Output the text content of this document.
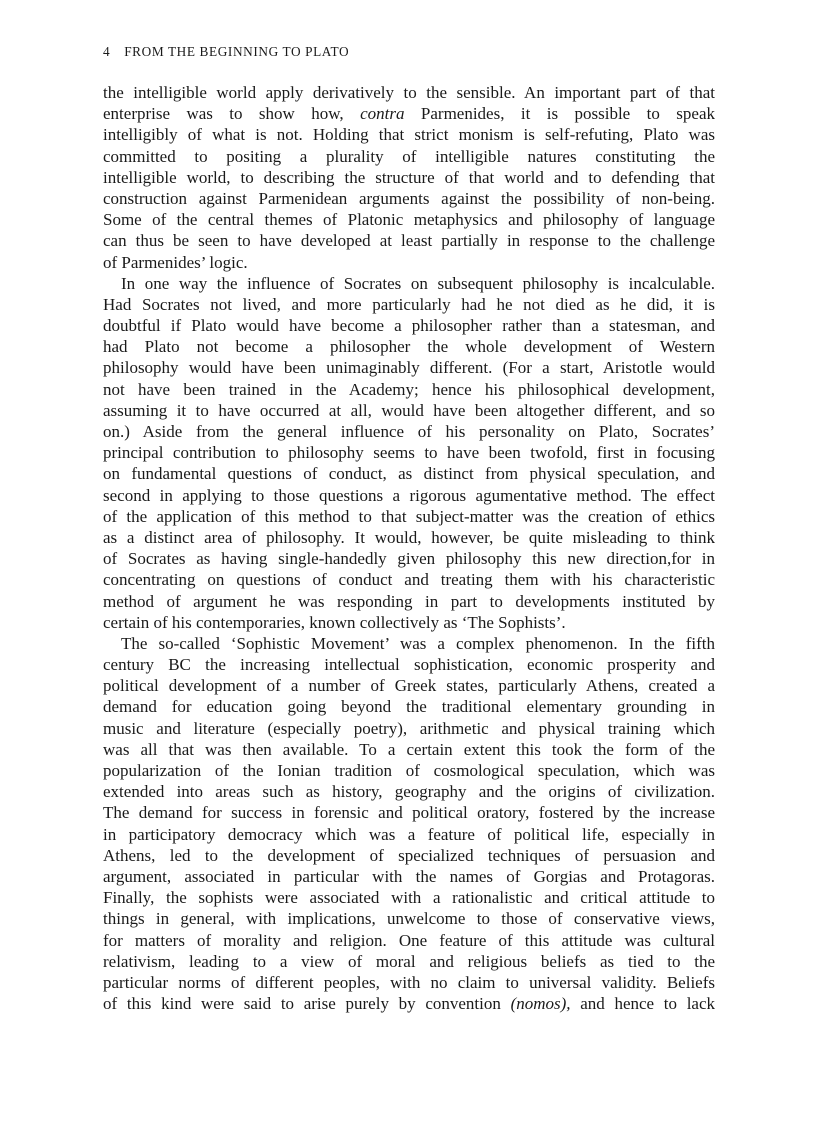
4 FROM THE BEGINNING TO PLATO
the intelligible world apply derivatively to the sensible. An important part of that
enterprise was to show how, contra Parmenides, it is possible to speak
intelligibly of what is not. Holding that strict monism is self-refuting, Plato was
committed to positing a plurality of intelligible natures constituting the
intelligible world, to describing the structure of that world and to defending that
construction against Parmenidean arguments against the possibility of non-being.
Some of the central themes of Platonic metaphysics and philosophy of language
can thus be seen to have developed at least partially in response to the challenge
of Parmenides’ logic.
In one way the influence of Socrates on subsequent philosophy is incalculable.
Had Socrates not lived, and more particularly had he not died as he did, it is
doubtful if Plato would have become a philosopher rather than a statesman, and
had Plato not become a philosopher the whole development of Western
philosophy would have been unimaginably different. (For a start, Aristotle would
not have been trained in the Academy; hence his philosophical development,
assuming it to have occurred at all, would have been altogether different, and so
on.) Aside from the general influence of his personality on Plato, Socrates’
principal contribution to philosophy seems to have been twofold, first in focusing
on fundamental questions of conduct, as distinct from physical speculation, and
second in applying to those questions a rigorous agumentative method. The effect
of the application of this method to that subject-matter was the creation of ethics
as a distinct area of philosophy. It would, however, be quite misleading to think
of Socrates as having single-handedly given philosophy this new direction,for in
concentrating on questions of conduct and treating them with his characteristic
method of argument he was responding in part to developments instituted by
certain of his contemporaries, known collectively as ‘The Sophists’.
The so-called ‘Sophistic Movement’ was a complex phenomenon. In the fifth
century BC the increasing intellectual sophistication, economic prosperity and
political development of a number of Greek states, particularly Athens, created a
demand for education going beyond the traditional elementary grounding in
music and literature (especially poetry), arithmetic and physical training which
was all that was then available. To a certain extent this took the form of the
popularization of the Ionian tradition of cosmological speculation, which was
extended into areas such as history, geography and the origins of civilization.
The demand for success in forensic and political oratory, fostered by the increase
in participatory democracy which was a feature of political life, especially in
Athens, led to the development of specialized techniques of persuasion and
argument, associated in particular with the names of Gorgias and Protagoras.
Finally, the sophists were associated with a rationalistic and critical attitude to
things in general, with implications, unwelcome to those of conservative views,
for matters of morality and religion. One feature of this attitude was cultural
relativism, leading to a view of moral and religious beliefs as tied to the
particular norms of different peoples, with no claim to universal validity. Beliefs
of this kind were said to arise purely by convention (nomos), and hence to lack
